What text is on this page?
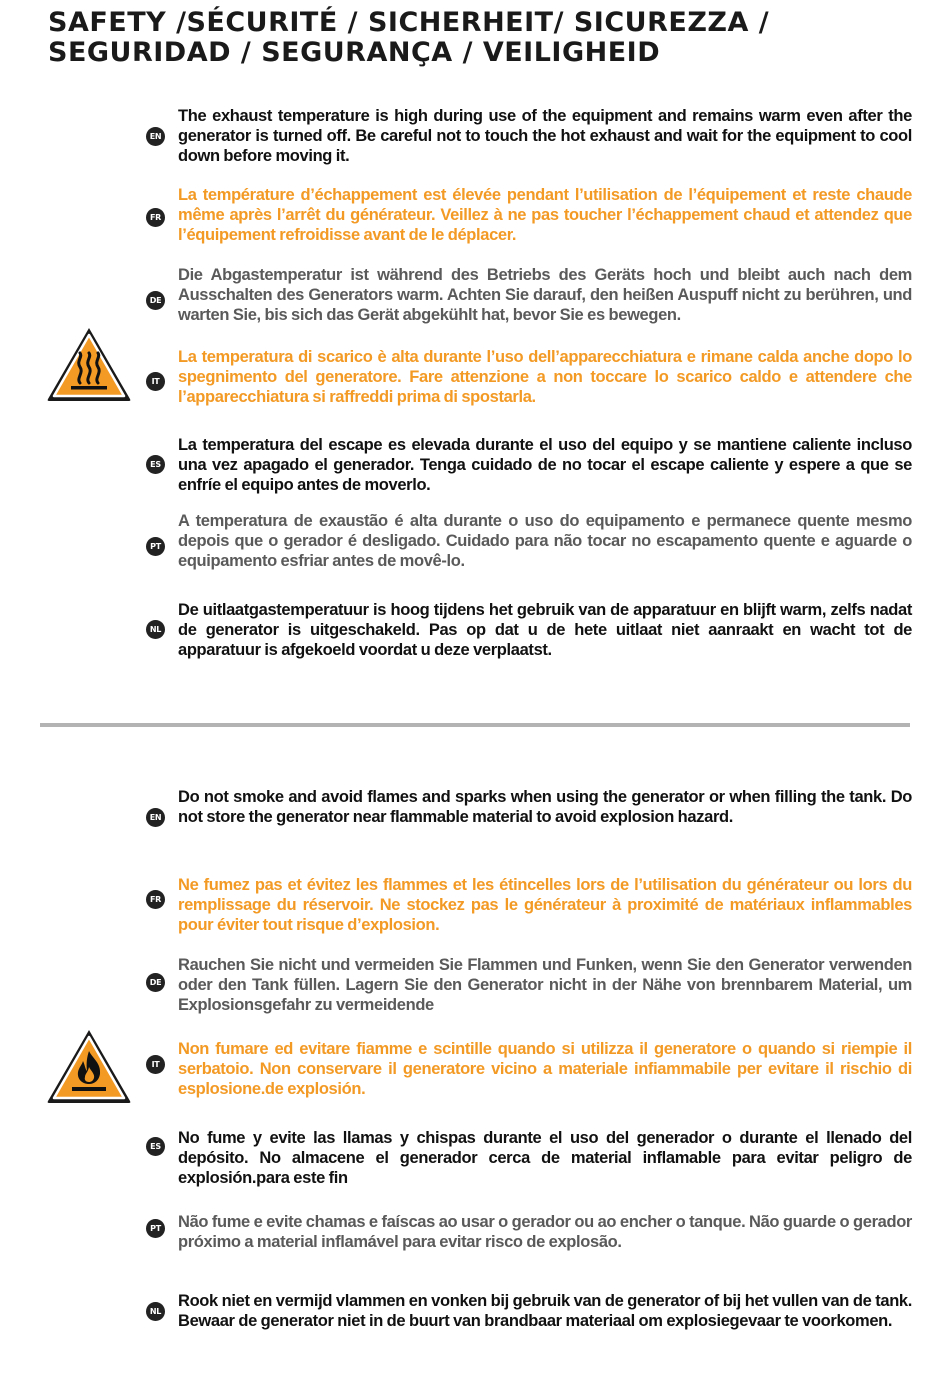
SAFETY /SÉCURITÉ / SICHERHEIT/ SICUREZZA /
SEGURIDAD / SEGURANÇA / VEILIGHEID
EN
The exhaust temperature is high during use of the equipment and remains warm even after the generator is turned off. Be careful not to touch the hot exhaust and wait for the equipment to cool down before moving it.
FR
La température d’échappement est élevée pendant l’utilisation de l’équipement et reste chaude même après l’arrêt du générateur. Veillez à ne pas toucher l’échappement chaud et attendez que l’équipement refroidisse avant de le déplacer.
DE
Die Abgastemperatur ist während des Betriebs des Geräts hoch und bleibt auch nach dem Ausschalten des Generators warm. Achten Sie darauf, den heißen Auspuff nicht zu berühren, und warten Sie, bis sich das Gerät abgekühlt hat, bevor Sie es bewegen.
IT
La temperatura di scarico è alta durante l’uso dell’apparecchiatura e rimane calda anche dopo lo spegnimento del generatore. Fare attenzione a non toccare lo scarico caldo e attendere che l’apparecchiatura si raffreddi prima di spostarla.
ES
La temperatura del escape es elevada durante el uso del equipo y se mantiene caliente incluso una vez apagado el generador. Tenga cuidado de no tocar el escape caliente y espere a que se enfríe el equipo antes de moverlo.
PT
A temperatura de exaustão é alta durante o uso do equipamento e permanece quente mesmo depois que o gerador é desligado. Cuidado para não tocar no escapamento quente e aguarde o equipamento esfriar antes de movê-lo.
NL
De uitlaatgastemperatuur is hoog tijdens het gebruik van de apparatuur en blijft warm, zelfs nadat de generator is uitgeschakeld. Pas op dat u de hete uitlaat niet aanraakt en wacht tot de apparatuur is afgekoeld voordat u deze verplaatst.
EN
Do not smoke and avoid flames and sparks when using the generator or when filling the tank. Do not store the generator near flammable material to avoid explosion hazard.
FR
Ne fumez pas et évitez les flammes et les étincelles lors de l’utilisation du générateur ou lors du remplissage du réservoir. Ne stockez pas le générateur à proximité de matériaux inflammables pour éviter tout risque d’explosion.
DE
Rauchen Sie nicht und vermeiden Sie Flammen und Funken, wenn Sie den Generator verwenden oder den Tank füllen. Lagern Sie den Generator nicht in der Nähe von brennbarem Material, um Explosionsgefahr zu vermeidende
IT
Non fumare ed evitare fiamme e scintille quando si utilizza il generatore o quando si riempie il serbatoio. Non conservare il generatore vicino a materiale infiammabile per evitare il rischio di esplosione.de explosión.
ES No fume y evite las llamas y chispas durante el uso del generador o durante el llenado del depósito. No almacene el generador cerca de material inflamable para evitar peligro de explosión.para este fin
PT Não fume e evite chamas e faíscas ao usar o gerador ou ao encher o tanque. Não guarde o gerador próximo a material inflamável para evitar risco de explosão.
NL
Rook niet en vermijd vlammen en vonken bij gebruik van de generator of bij het vullen van de tank. Bewaar de generator niet in de buurt van brandbaar materiaal om explosiegevaar te voorkomen.
